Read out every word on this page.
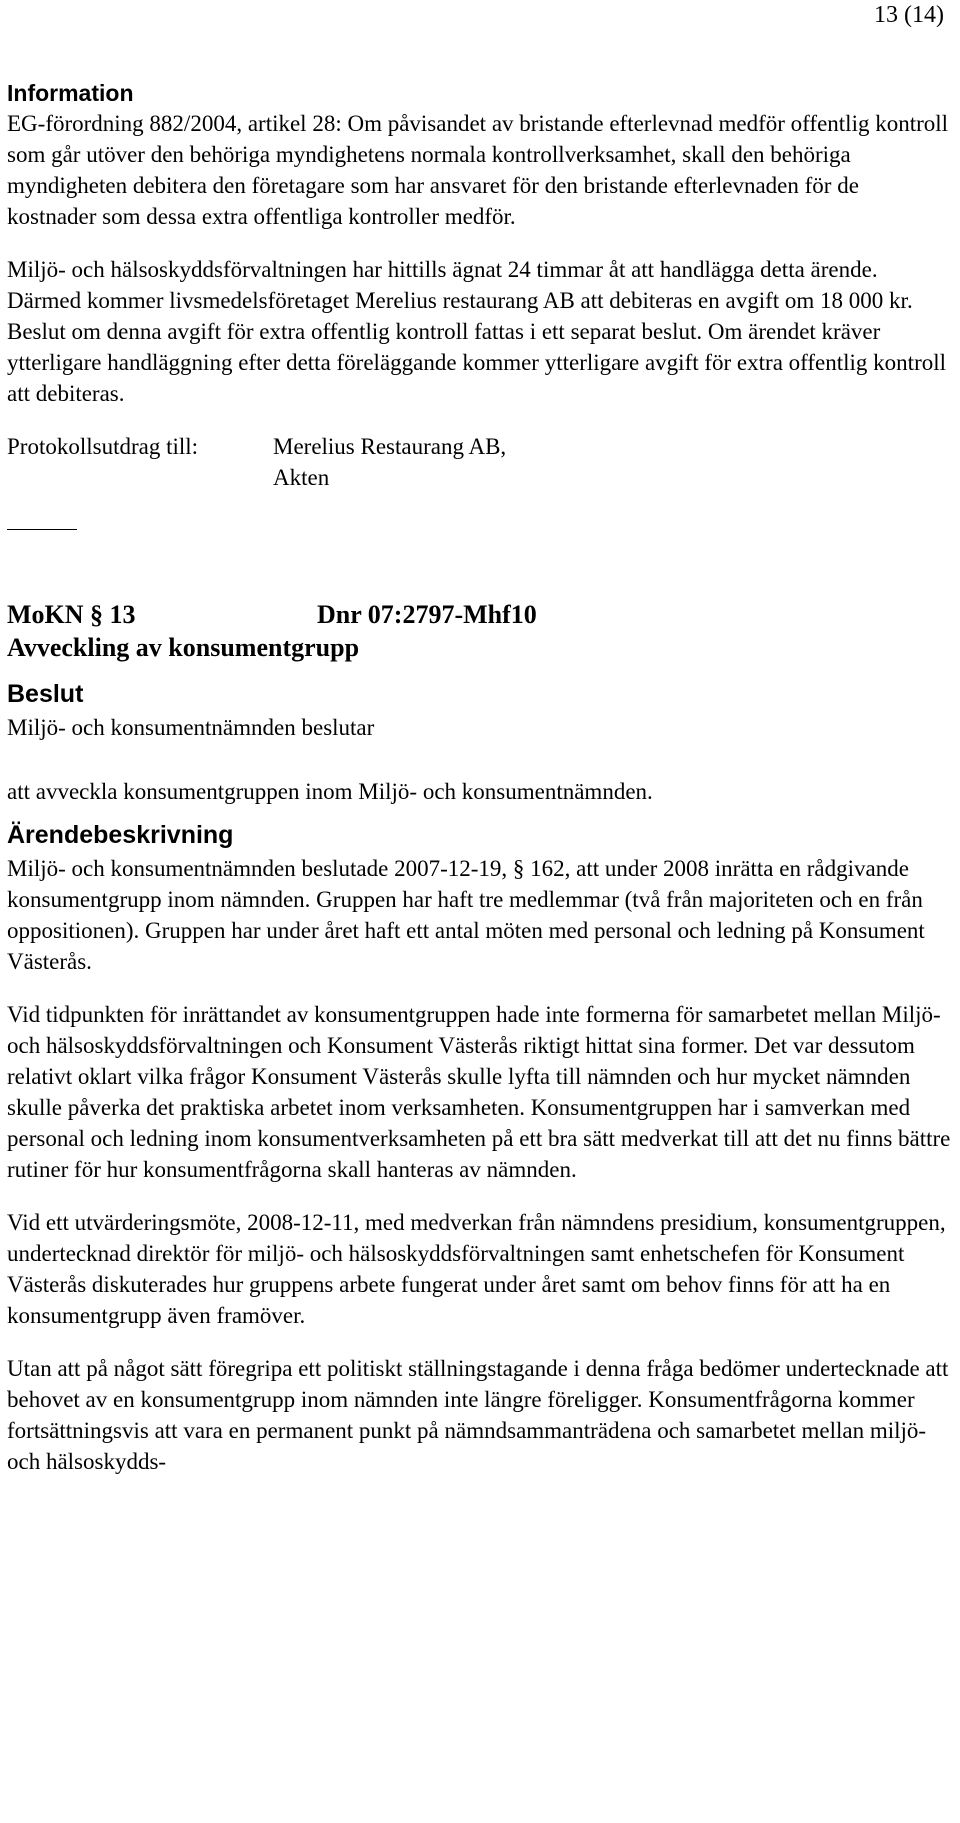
13 (14)
Information

EG-förordning 882/2004, artikel 28: Om påvisandet av bristande efterlevnad medför offentlig kontroll som går utöver den behöriga myndighetens normala kontrollverksamhet, skall den behöriga myndigheten debitera den företagare som har ansvaret för den bristande efterlevnaden för de kostnader som dessa extra offentliga kontroller medför.

Miljö- och hälsoskyddsförvaltningen har hittills ägnat 24 timmar åt att handlägga detta ärende. Därmed kommer livsmedelsföretaget Merelius restaurang AB att debiteras en avgift om 18 000 kr. Beslut om denna avgift för extra offentlig kontroll fattas i ett separat beslut. Om ärendet kräver ytterligare handläggning efter detta föreläggande kommer ytterligare avgift för extra offentlig kontroll att debiteras.

Protokollsutdrag till:	Merelius Restaurang AB,
Akten
MoKN § 13	Dnr 07:2797-Mhf10
Avveckling av konsumentgrupp
Beslut

Miljö- och konsumentnämnden beslutar

att avveckla konsumentgruppen inom Miljö- och konsumentnämnden.

Ärendebeskrivning

Miljö- och konsumentnämnden beslutade 2007-12-19, § 162, att under 2008 inrätta en rådgivande konsumentgrupp inom nämnden. Gruppen har haft tre medlemmar (två från majoriteten och en från oppositionen). Gruppen har under året haft ett antal möten med personal och ledning på Konsument Västerås.

Vid tidpunkten för inrättandet av konsumentgruppen hade inte formerna för samarbetet mellan Miljö- och hälsoskyddsförvaltningen och Konsument Västerås riktigt hittat sina former. Det var dessutom relativt oklart vilka frågor Konsument Västerås skulle lyfta till nämnden och hur mycket nämnden skulle påverka det praktiska arbetet inom verksamheten. Konsumentgruppen har i samverkan med personal och ledning inom konsumentverksamheten på ett bra sätt medverkat till att det nu finns bättre rutiner för hur konsumentfrågorna skall hanteras av nämnden.

Vid ett utvärderingsmöte, 2008-12-11, med medverkan från nämndens presidium, konsumentgruppen, undertecknad direktör för miljö- och hälsoskyddsförvaltningen samt enhetschefen för Konsument Västerås diskuterades hur gruppens arbete fungerat under året samt om behov finns för att ha en konsumentgrupp även framöver.

Utan att på något sätt föregripa ett politiskt ställningstagande i denna fråga bedömer undertecknade att behovet av en konsumentgrupp inom nämnden inte längre föreligger. Konsumentfrågorna kommer fortsättningsvis att vara en permanent punkt på nämndsammanträdena och samarbetet mellan miljö- och hälsoskydds-
